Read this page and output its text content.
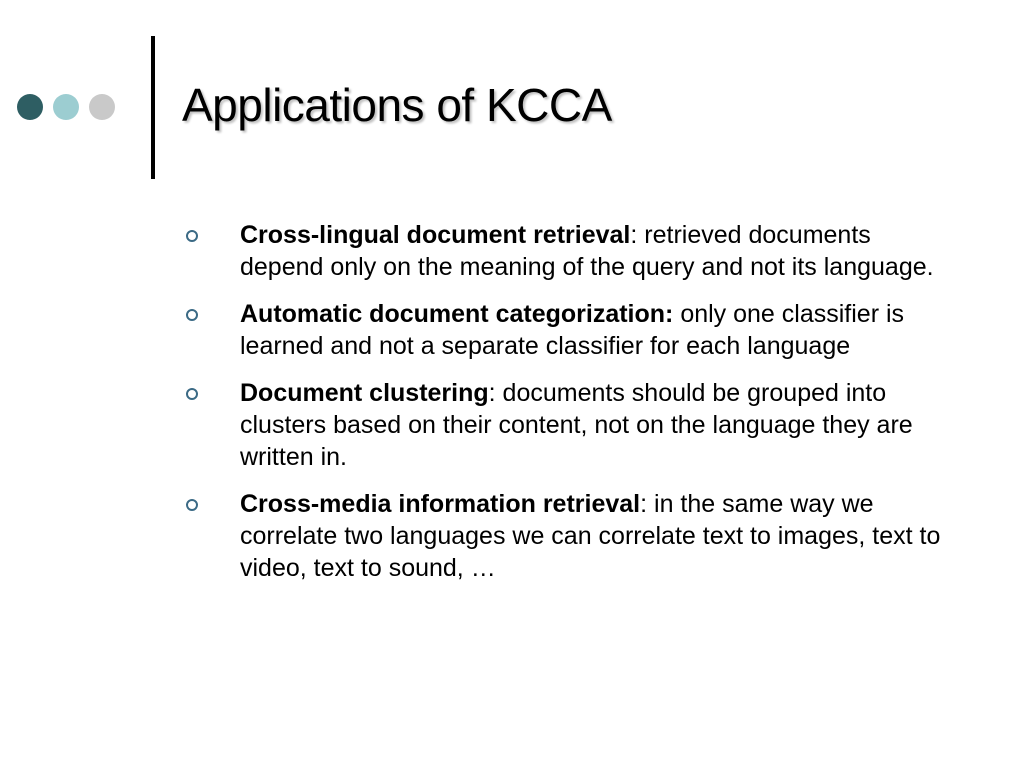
Applications of KCCA
Cross-lingual document retrieval: retrieved documents depend only on the meaning of the query and not its language.
Automatic document categorization: only one classifier is learned and not a separate classifier for each language
Document clustering: documents should be grouped into clusters based on their content, not on the language they are written in.
Cross-media information retrieval: in the same way we correlate two languages we can correlate text to images, text to video, text to sound, …
